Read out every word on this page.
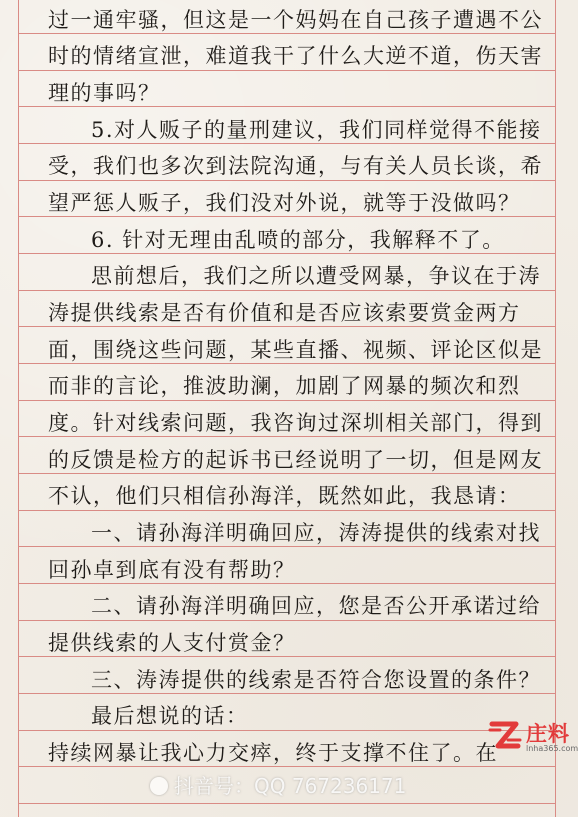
过一通牢骚，但这是一个妈妈在自己孩子遭遇不公
时的情绪宣泄，难道我干了什么大逆不道，伤天害
理的事吗？
5.对人贩子的量刑建议，我们同样觉得不能接
受，我们也多次到法院沟通，与有关人员长谈，希
望严惩人贩子，我们没对外说，就等于没做吗？
6. 针对无理由乱喷的部分，我解释不了。
思前想后，我们之所以遭受网暴，争议在于涛
涛提供线索是否有价值和是否应该索要赏金两方
面，围绕这些问题，某些直播、视频、评论区似是
而非的言论，推波助澜，加剧了网暴的频次和烈
度。针对线索问题，我咨询过深圳相关部门，得到
的反馈是检方的起诉书已经说明了一切，但是网友
不认，他们只相信孙海洋，既然如此，我恳请：
一、请孙海洋明确回应，涛涛提供的线索对找
回孙卓到底有没有帮助？
二、请孙海洋明确回应，您是否公开承诺过给
提供线索的人支付赏金？
三、涛涛提供的线索是否符合您设置的条件？
最后想说的话：
持续网暴让我心力交瘁，终于支撑不住了。在
抖音号：QQ 767236171
庄料
lnha365.com
